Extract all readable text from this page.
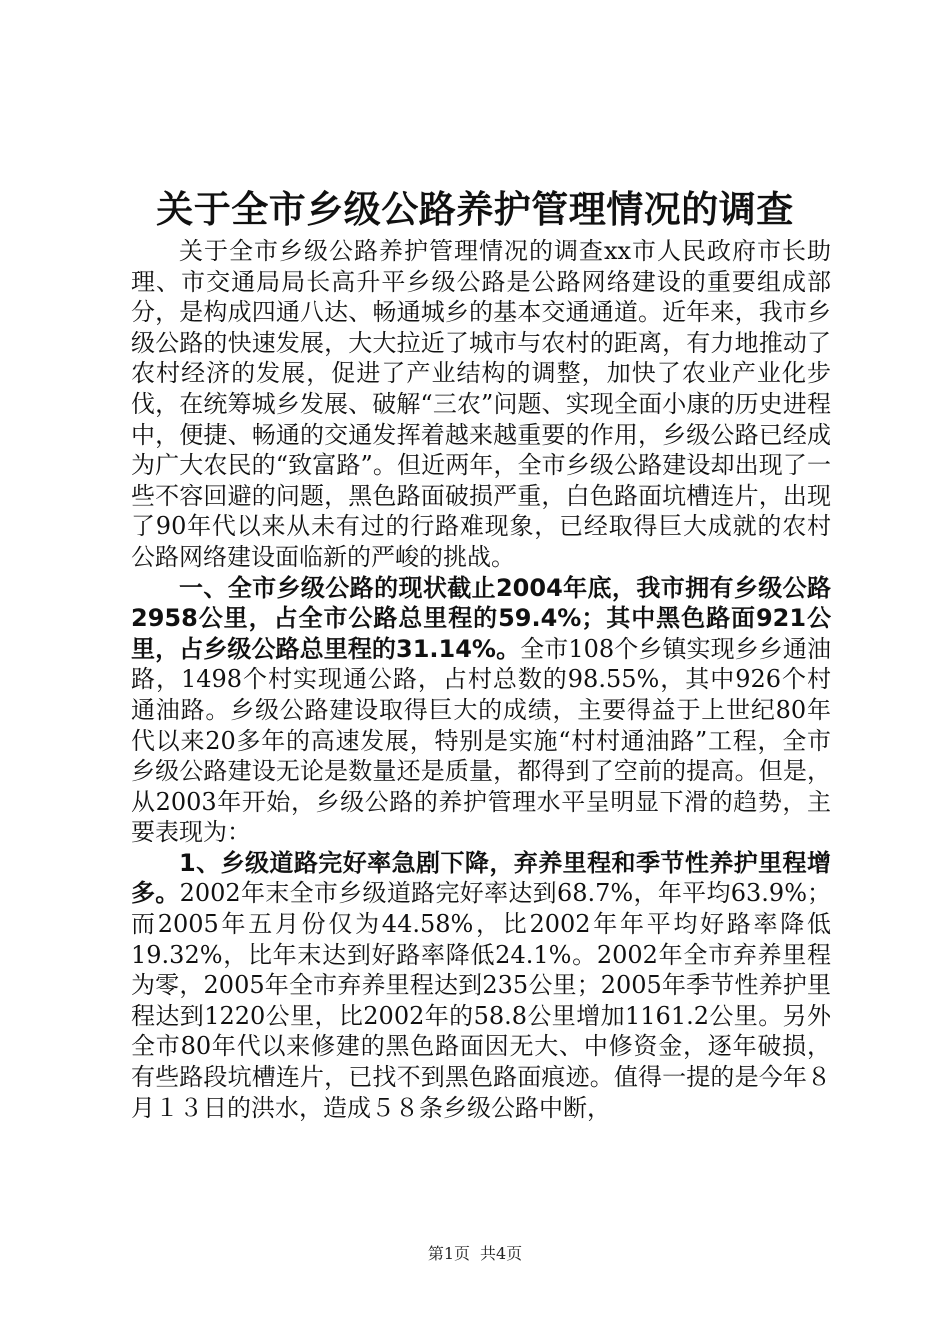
关于全市乡级公路养护管理情况的调查

关于全市乡级公路养护管理情况的调查xx市人民政府市长助理、市交通局局长高升平乡级公路是公路网络建设的重要组成部分，是构成四通八达、畅通城乡的基本交通通道。近年来，我市乡级公路的快速发展，大大拉近了城市与农村的距离，有力地推动了农村经济的发展，促进了产业结构的调整，加快了农业产业化步伐，在统筹城乡发展、破解“三农”问题、实现全面小康的历史进程中，便捷、畅通的交通发挥着越来越重要的作用，乡级公路已经成为广大农民的“致富路”。但近两年，全市乡级公路建设却出现了一些不容回避的问题，黑色路面破损严重，白色路面坑槽连片，出现了90年代以来从未有过的行路难现象，已经取得巨大成就的农村公路网络建设面临新的严峻的挑战。

一、全市乡级公路的现状截止2004年底，我市拥有乡级公路2958公里，占全市公路总里程的59.4%；其中黑色路面921公里，占乡级公路总里程的31.14%。全市108个乡镇实现乡乡通油路，1498个村实现通公路，占村总数的98.55%，其中926个村通油路。乡级公路建设取得巨大的成绩，主要得益于上世纪80年代以来20多年的高速发展，特别是实施“村村通油路”工程，全市乡级公路建设无论是数量还是质量，都得到了空前的提高。但是，从2003年开始，乡级公路的养护管理水平呈明显下滑的趋势，主要表现为：

1、乡级道路完好率急剧下降，弃养里程和季节性养护里程增多。2002年末全市乡级道路完好率达到68.7%，年平均63.9%；而2005年五月份仅为44.58%，比2002年年平均好路率降低19.32%，比年末达到好路率降低24.1%。2002年全市弃养里程为零，2005年全市弃养里程达到235公里；2005年季节性养护里程达到1220公里，比2002年的58.8公里增加1161.2公里。另外全市80年代以来修建的黑色路面因无大、中修资金，逐年破损，有些路段坑槽连片，已找不到黑色路面痕迹。值得一提的是今年８月１３日的洪水，造成５８条乡级公路中断，

第1页 共4页
